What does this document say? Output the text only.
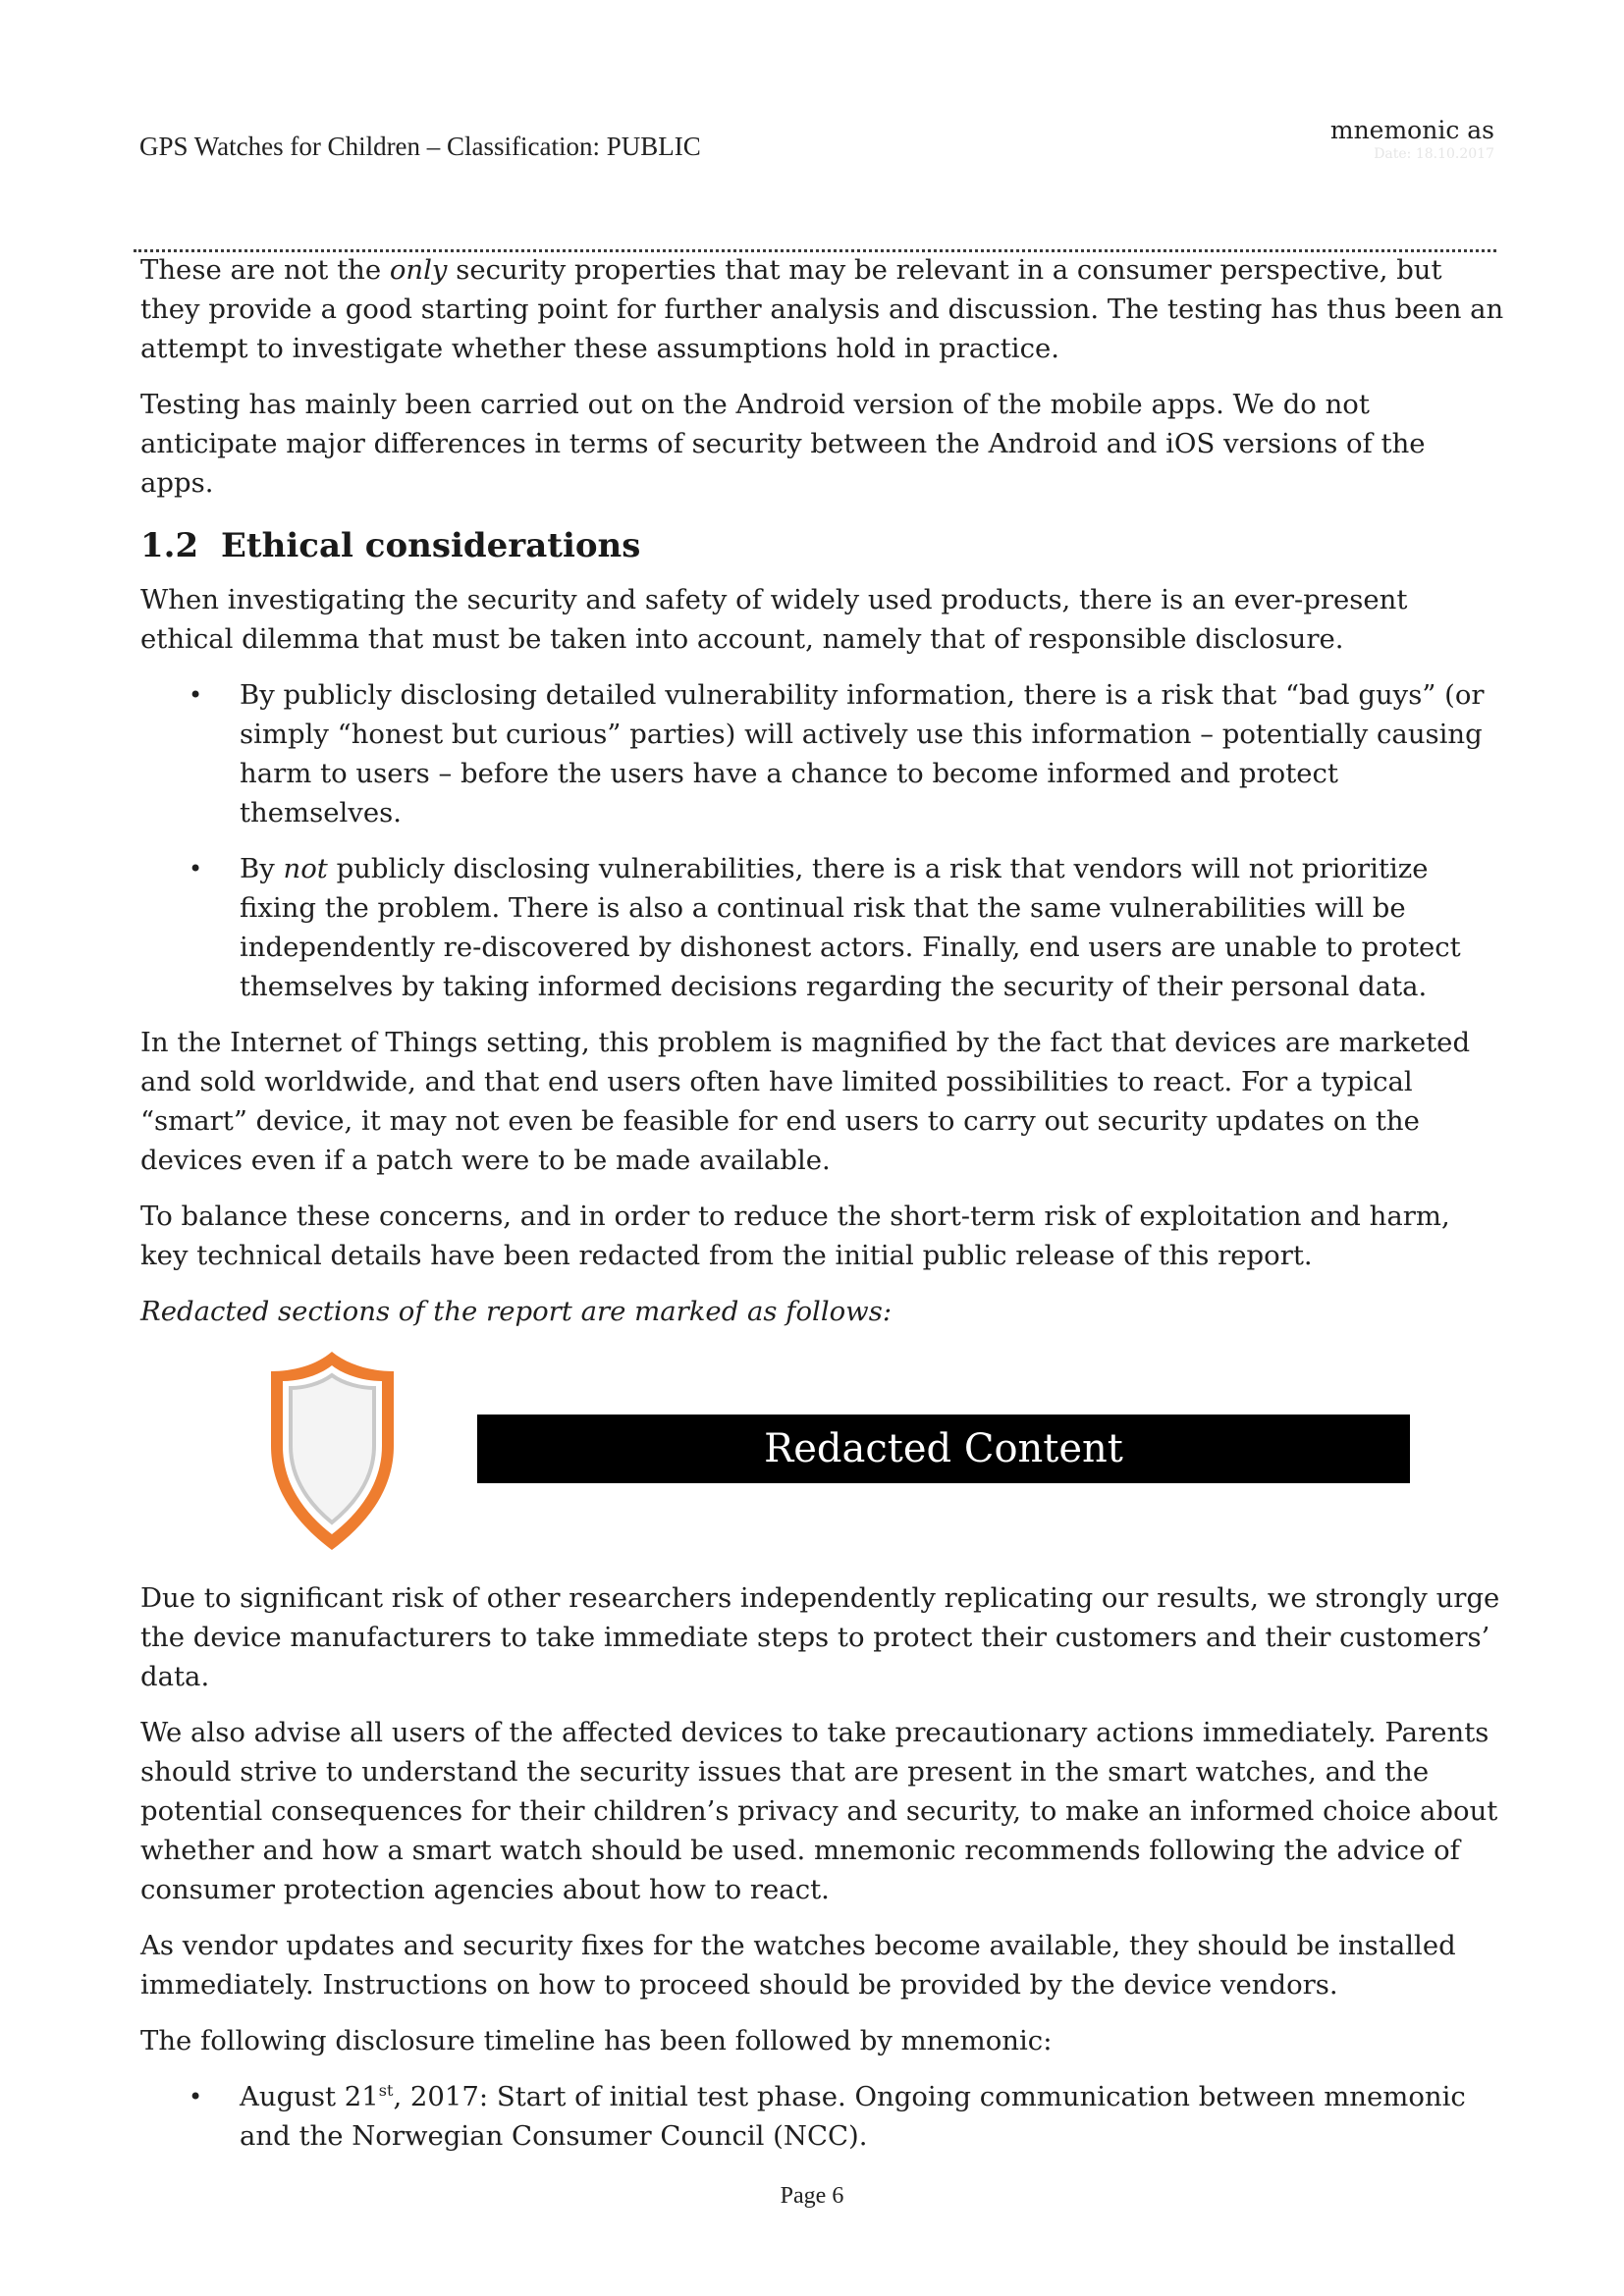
GPS Watches for Children – Classification: PUBLIC
mnemonic as
Date: 18.10.2017

These are not the only security properties that may be relevant in a consumer perspective, but they provide a good starting point for further analysis and discussion. The testing has thus been an attempt to investigate whether these assumptions hold in practice.

Testing has mainly been carried out on the Android version of the mobile apps. We do not anticipate major differences in terms of security between the Android and iOS versions of the apps.

1.2 Ethical considerations

When investigating the security and safety of widely used products, there is an ever-present ethical dilemma that must be taken into account, namely that of responsible disclosure.

• By publicly disclosing detailed vulnerability information, there is a risk that “bad guys” (or simply “honest but curious” parties) will actively use this information – potentially causing harm to users – before the users have a chance to become informed and protect themselves.
• By not publicly disclosing vulnerabilities, there is a risk that vendors will not prioritize fixing the problem. There is also a continual risk that the same vulnerabilities will be independently re-discovered by dishonest actors. Finally, end users are unable to protect themselves by taking informed decisions regarding the security of their personal data.

In the Internet of Things setting, this problem is magnified by the fact that devices are marketed and sold worldwide, and that end users often have limited possibilities to react. For a typical “smart” device, it may not even be feasible for end users to carry out security updates on the devices even if a patch were to be made available.

To balance these concerns, and in order to reduce the short-term risk of exploitation and harm, key technical details have been redacted from the initial public release of this report.

Redacted sections of the report are marked as follows:

Redacted Content

Due to significant risk of other researchers independently replicating our results, we strongly urge the device manufacturers to take immediate steps to protect their customers and their customers’ data.

We also advise all users of the affected devices to take precautionary actions immediately. Parents should strive to understand the security issues that are present in the smart watches, and the potential consequences for their children’s privacy and security, to make an informed choice about whether and how a smart watch should be used. mnemonic recommends following the advice of consumer protection agencies about how to react.

As vendor updates and security fixes for the watches become available, they should be installed immediately. Instructions on how to proceed should be provided by the device vendors.

The following disclosure timeline has been followed by mnemonic:

• August 21st, 2017: Start of initial test phase. Ongoing communication between mnemonic and the Norwegian Consumer Council (NCC).
Page 6
